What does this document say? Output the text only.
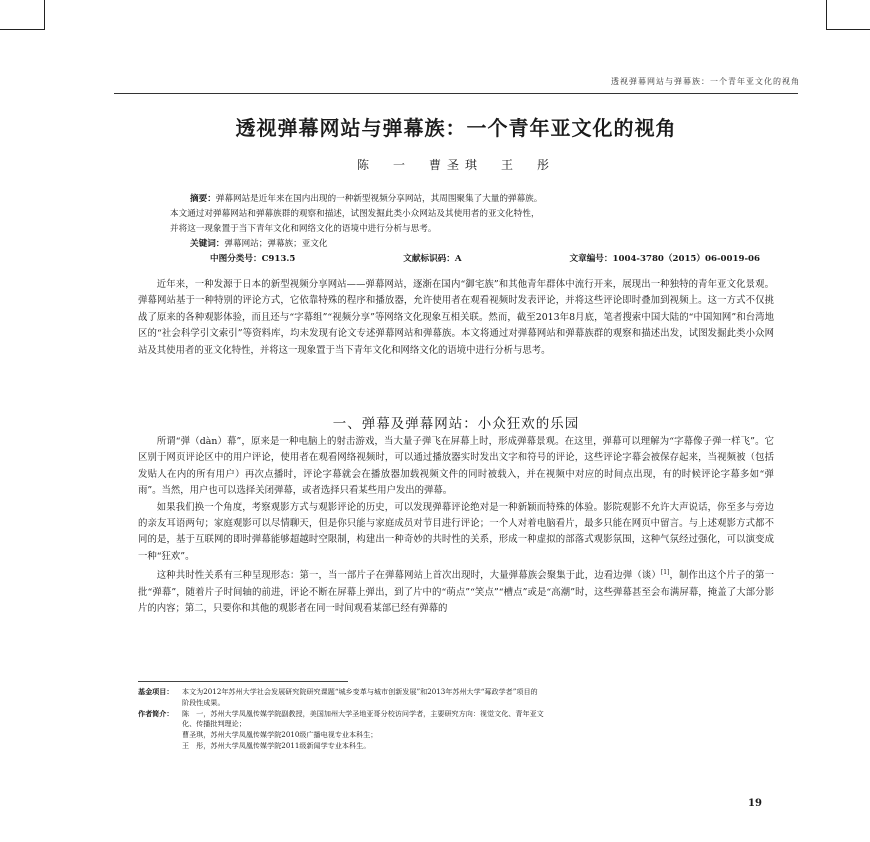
透视弹幕网站与弹幕族：一个青年亚文化的视角
透视弹幕网站与弹幕族：一个青年亚文化的视角
陈　一　曹圣琪　王　彤

摘要：弹幕网站是近年来在国内出现的一种新型视频分享网站，其周围聚集了大量的弹幕族。

本文通过对弹幕网站和弹幕族群的观察和描述，试图发掘此类小众网站及其使用者的亚文化特性，

并将这一现象置于当下青年文化和网络文化的语境中进行分析与思考。

关键词：弹幕网站；弹幕族；亚文化

中图分类号：C913.5	文献标识码：A	文章编号：1004-3780（2015）06-0019-06

近年来，一种发源于日本的新型视频分享网站——弹幕网站，逐渐在国内“御宅族”和其他青年群体中流行开来，展现出一种独特的青年亚文化景观。弹幕网站基于一种特别的评论方式，它依靠特殊的程序和播放器，允许使用者在观看视频时发表评论，并将这些评论即时叠加到视频上。这一方式不仅挑战了原来的各种观影体验，而且还与“字幕组”“视频分享”等网络文化现象互相关联。然而，截至2013年8月底，笔者搜索中国大陆的“中国知网”和台湾地区的“社会科学引文索引”等资料库，均未发现有论文专述弹幕网站和弹幕族。本文将通过对弹幕网站和弹幕族群的观察和描述出发，试图发掘此类小众网站及其使用者的亚文化特性，并将这一现象置于当下青年文化和网络文化的语境中进行分析与思考。

一、弹幕及弹幕网站：小众狂欢的乐园

所谓“弹（dàn）幕”，原来是一种电脑上的射击游戏，当大量子弹飞在屏幕上时，形成弹幕景观。在这里，弹幕可以理解为“字幕像子弹一样飞”。它区别于网页评论区中的用户评论，使用者在观看网络视频时，可以通过播放器实时发出文字和符号的评论，这些评论字幕会被保存起来，当视频被（包括发贴人在内的所有用户）再次点播时，评论字幕就会在播放器加载视频文件的同时被载入，并在视频中对应的时间点出现，有的时候评论字幕多如“弹雨”。当然，用户也可以选择关闭弹幕，或者选择只看某些用户发出的弹幕。

如果我们换一个角度，考察观影方式与观影评论的历史，可以发现弹幕评论绝对是一种新颖而特殊的体验。影院观影不允许大声说话，你至多与旁边的亲友耳语两句；家庭观影可以尽情聊天，但是你只能与家庭成员对节目进行评论；一个人对着电脑看片，最多只能在网页中留言。与上述观影方式都不同的是，基于互联网的即时弹幕能够超越时空限制，构建出一种奇妙的共时性的关系，形成一种虚拟的部落式观影氛围，这种气氛经过强化，可以演变成一种“狂欢”。

这种共时性关系有三种呈现形态：第一，当一部片子在弹幕网站上首次出现时，大量弹幕族会聚集于此，边看边弹（谈）[1]，制作出这个片子的第一批“弹幕”，随着片子时间轴的前进，评论不断在屏幕上弹出，到了片中的“萌点”“笑点”“槽点”或是“高潮”时，这些弹幕甚至会布满屏幕，掩盖了大部分影片的内容；第二，只要你和其他的观影者在同一时间观看某部已经有弹幕的

基金项目：	本文为2012年苏州大学社会发展研究院研究课题“城乡变革与城市创新发展”和2013年苏州大学“莓政学者”项目的
阶段性成果。
作者简介：	陈　一，苏州大学凤凰传媒学院副教授，美国加州大学圣地亚哥分校访问学者，主要研究方向：视觉文化、青年亚文
化、传播批判理论；
曹圣琪，苏州大学凤凰传媒学院2010级广播电视专业本科生；
王　彤，苏州大学凤凰传媒学院2011级新闻学专业本科生。
19
